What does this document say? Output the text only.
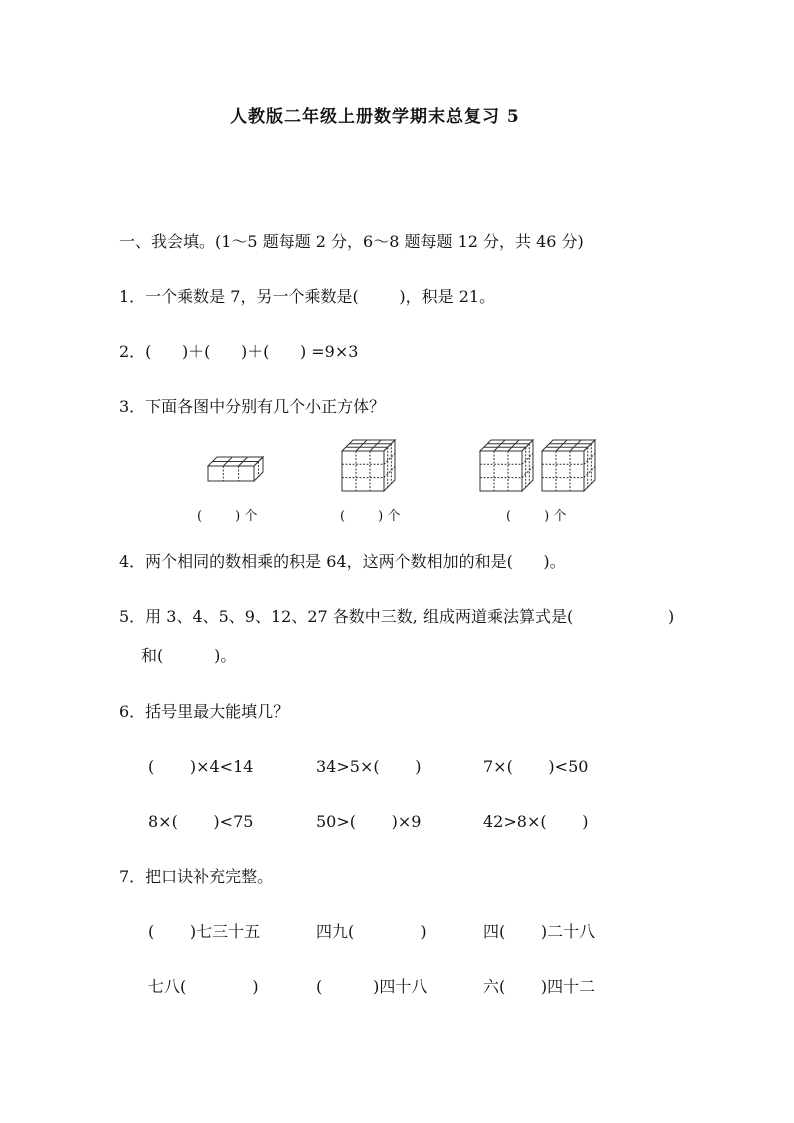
人教版二年级上册数学期末总复习 5
一、我会填。(1～5 题每题 2 分，6～8 题每题 12 分，共 46 分)
1．一个乘数是 7，另一个乘数是(        )，积是 21。
2．(      )＋(      )＋(      ) =9×3
3．下面各图中分别有几个小正方体？
(        ) 个	(        ) 个	(        ) 个
4．两个相同的数相乘的积是 64，这两个数相加的和是(      )。
5．用 3、4、5、9、12、27 各数中三数, 组成两道乘法算式是(	)
和(          )。
6．括号里最大能填几？
(       )×4<14	34>5×(       )	7×(       )<50
8×(       )<75	50>(       )×9	42>8×(       )
7．把口诀补充完整。
(       )七三十五	四九(             )	四(       )二十八
七八(             )	(          )四十八	六(       )四十二
